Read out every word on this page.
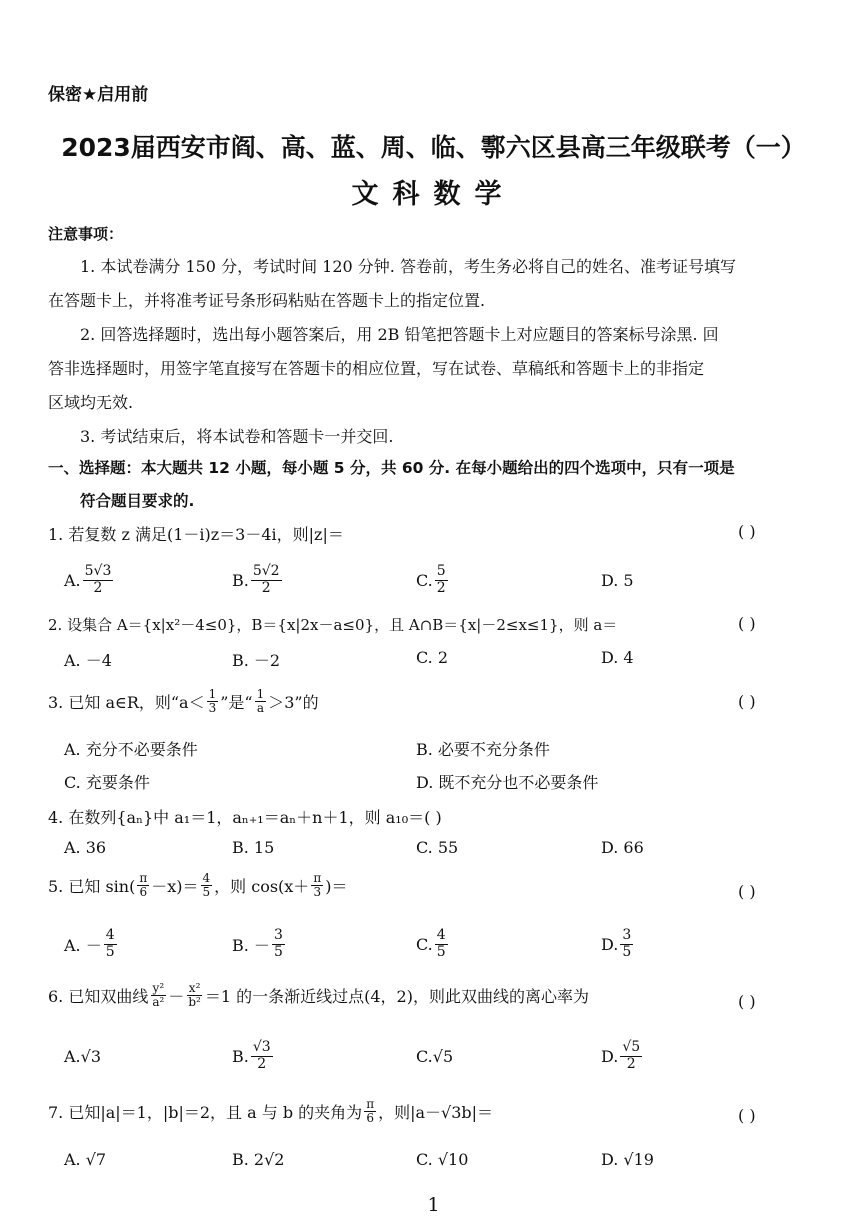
保密★启用前
2023届西安市阎、高、蓝、周、临、鄠六区县高三年级联考（一）
文科数学
注意事项：
1. 本试卷满分 150 分，考试时间 120 分钟. 答卷前，考生务必将自己的姓名、准考证号填写
在答题卡上，并将准考证号条形码粘贴在答题卡上的指定位置.
2. 回答选择题时，选出每小题答案后，用 2B 铅笔把答题卡上对应题目的答案标号涂黑. 回
答非选择题时，用签字笔直接写在答题卡的相应位置，写在试卷、草稿纸和答题卡上的非指定
区域均无效.
3. 考试结束后，将本试卷和答题卡一并交回.
一、选择题：本大题共 12 小题，每小题 5 分，共 60 分. 在每小题给出的四个选项中，只有一项是
符合题目要求的.
1. 若复数 z 满足(1－i)z＝3－4i，则|z|＝	( )
A. $\frac{5√3}{2}$	B. $\frac{5√2}{2}$	C. $\frac{5}{2}$	D. 5
2. 设集合 A＝{x|x²－4≤0}，B＝{x|2x－a≤0}，且 A∩B＝{x|－2≤x≤1}，则 a＝	( )
A. －4	B. －2	C. 2	D. 4
3. 已知 a∈R，则“$a< \frac{1}{3}$ ”是“ $\frac{1}{a} >3$”的	( )
A. 充分不必要条件	B. 必要不充分条件
C. 充要条件	D. 既不充分也不必要条件
4. 在数列{aₙ}中 a₁＝1，aₙ₊₁＝aₙ＋n＋1，则 a₁₀＝( )
A. 36	B. 15	C. 55	D. 66
5. 已知 $\sin( \frac{\pi}{6} -x)= \frac{4}{5}$ ，则 $\cos(x+ \frac{\pi}{3}$ )＝	( )
A. － $\frac{4}{5}$	B. － $\frac{3}{5}$	C. $\frac{4}{5}$	D. $\frac{3}{5}$
6. 已知双曲线 $\frac{\text{y²}}{\text{a²}} - \frac{\text{x²}}{\text{b²}} =1$ 的一条渐近线过点(4，2)，则此双曲线的离心率为	( )
A. √3	B. $\frac{√3}{2}$	C. √5	D. $\frac{√5}{2}$
7. 已知|a|＝1，|b|＝2，且 a 与 b 的夹角为 $\frac{\pi}{6}$ ，则|a－√3b|＝	( )
A. √7	B. 2√2	C. √10	D. √19
1
